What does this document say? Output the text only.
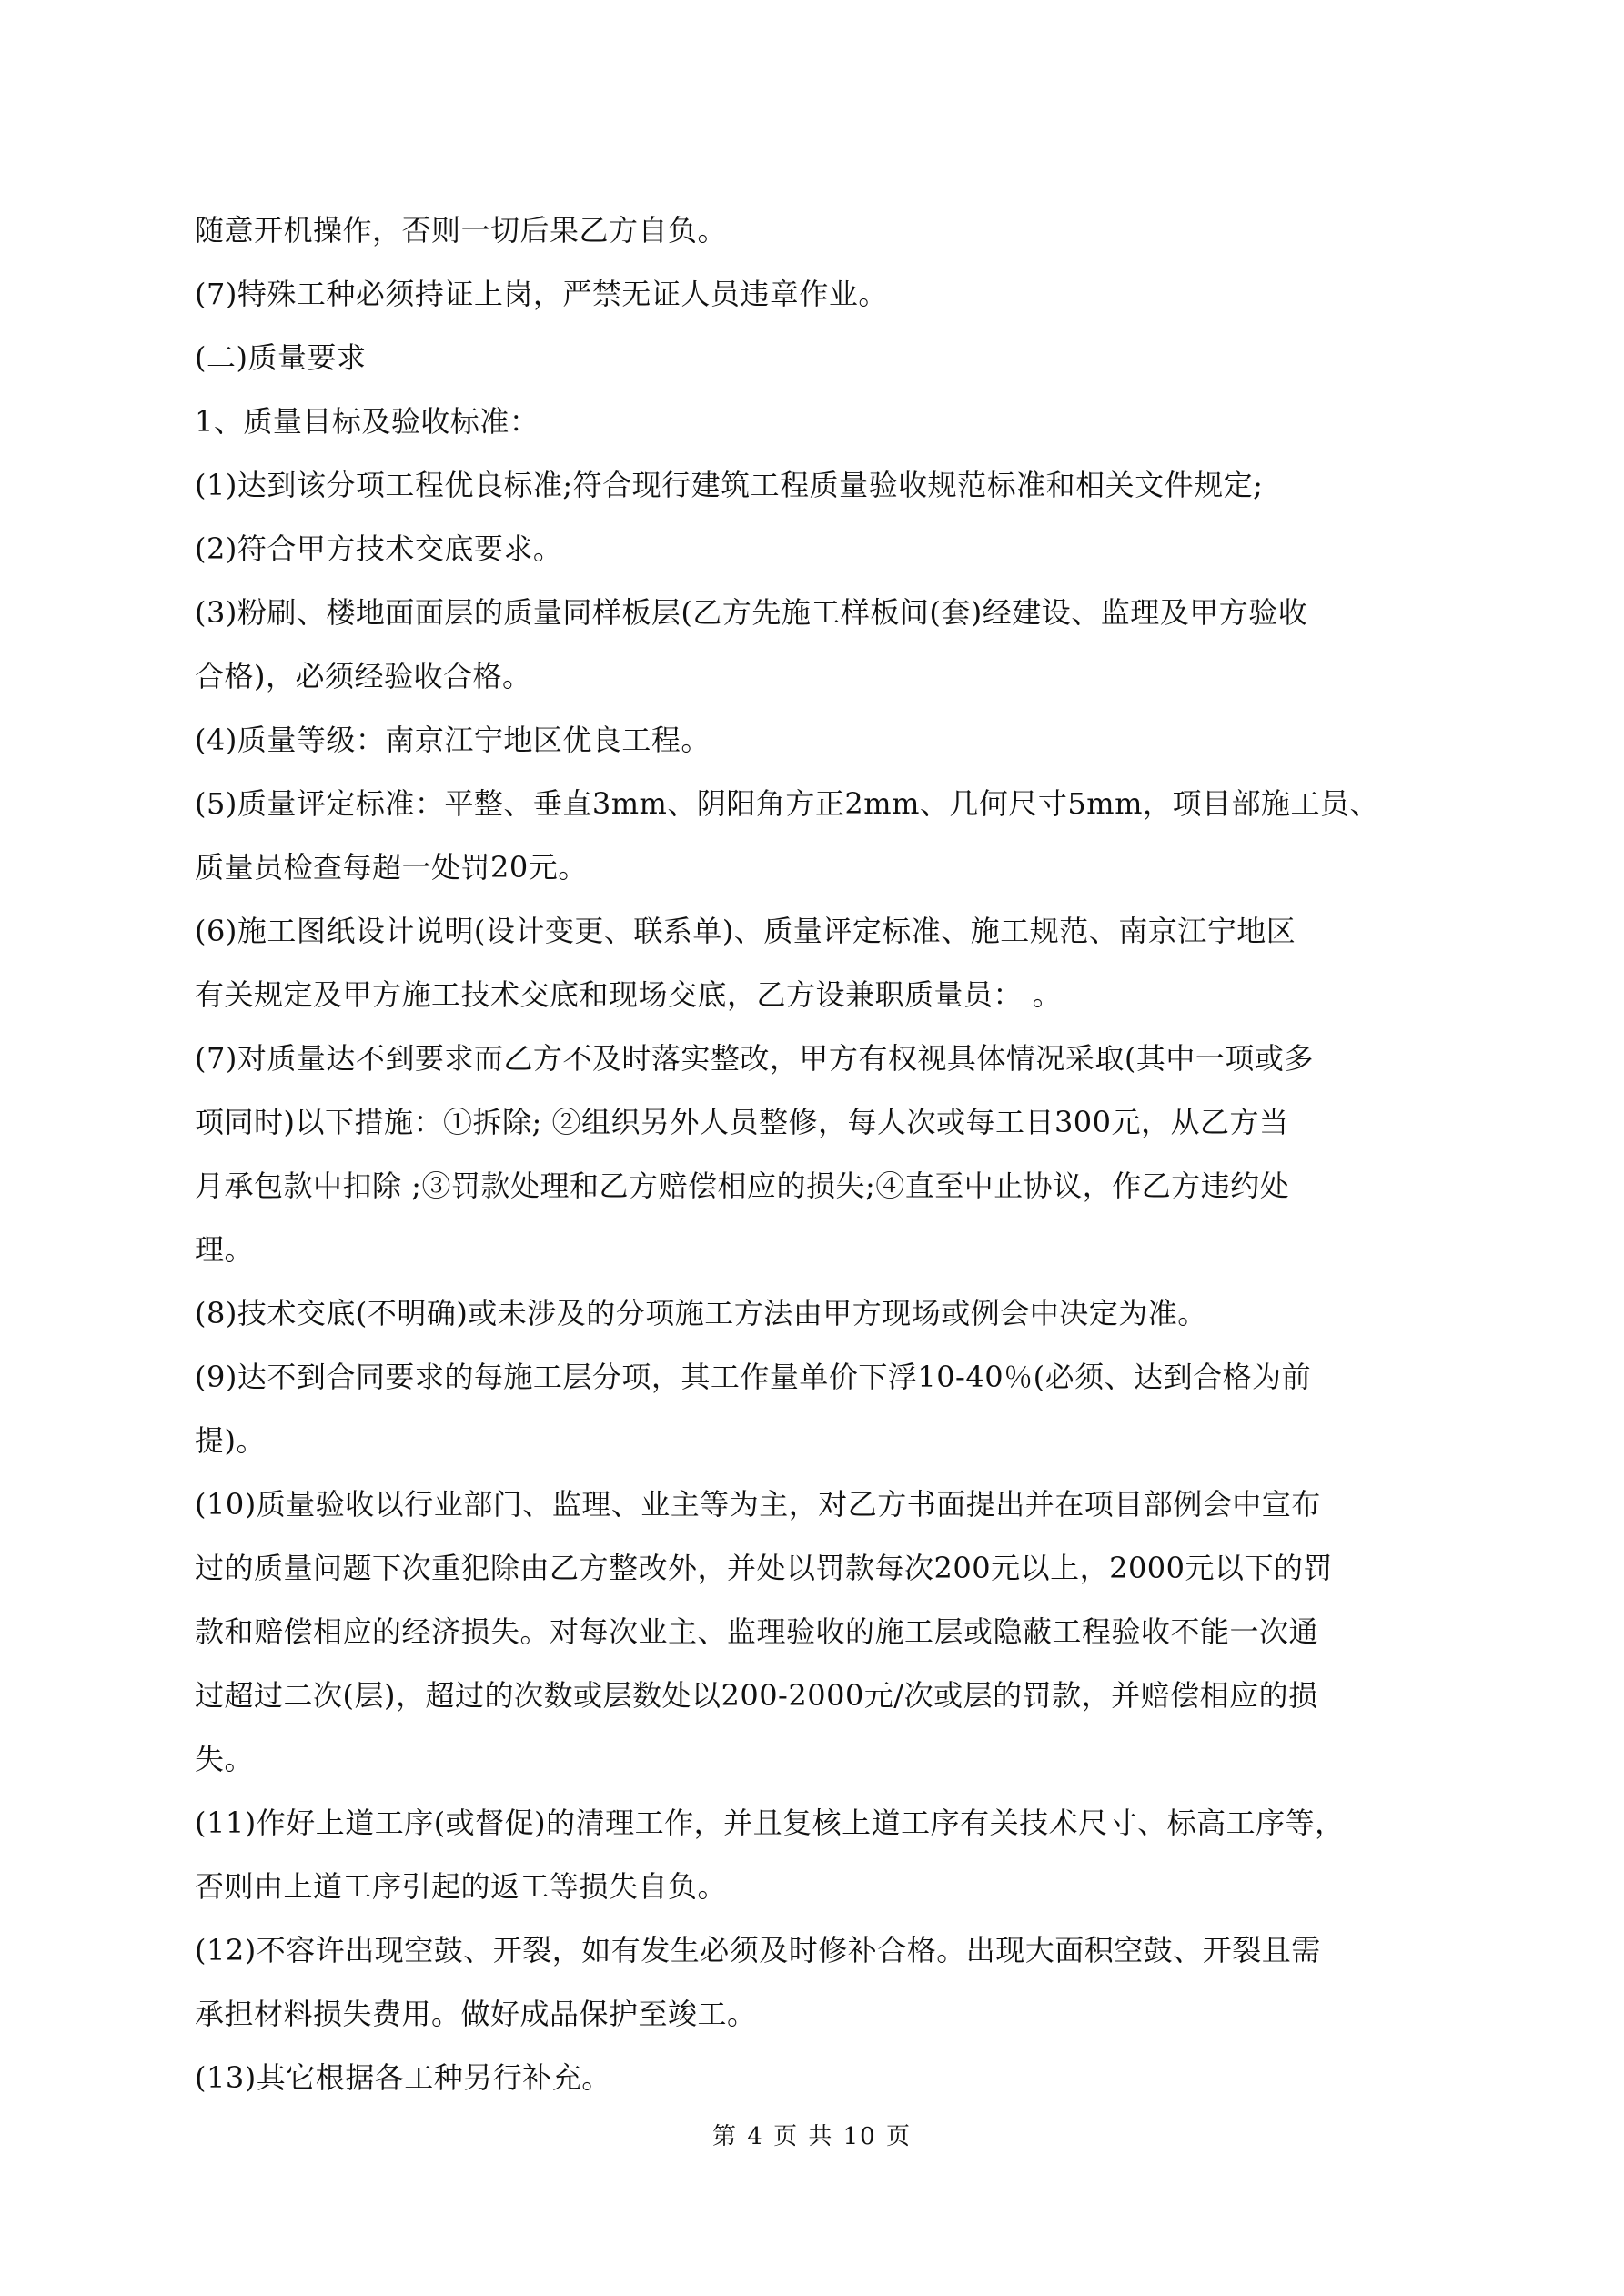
随意开机操作，否则一切后果乙方自负。

(7)特殊工种必须持证上岗，严禁无证人员违章作业。

(二)质量要求

1、质量目标及验收标准：

(1)达到该分项工程优良标准;符合现行建筑工程质量验收规范标准和相关文件规定;

(2)符合甲方技术交底要求。

(3)粉刷、楼地面面层的质量同样板层(乙方先施工样板间(套)经建设、监理及甲方验收

合格)，必须经验收合格。

(4)质量等级：南京江宁地区优良工程。

(5)质量评定标准：平整、垂直3mm、阴阳角方正2mm、几何尺寸5mm，项目部施工员、

质量员检查每超一处罚20元。

(6)施工图纸设计说明(设计变更、联系单)、质量评定标准、施工规范、南京江宁地区

有关规定及甲方施工技术交底和现场交底，乙方设兼职质量员： 。

(7)对质量达不到要求而乙方不及时落实整改，甲方有权视具体情况采取(其中一项或多

项同时)以下措施：①拆除; ②组织另外人员整修，每人次或每工日300元，从乙方当

月承包款中扣除 ;③罚款处理和乙方赔偿相应的损失;④直至中止协议，作乙方违约处

理。

(8)技术交底(不明确)或未涉及的分项施工方法由甲方现场或例会中决定为准。

(9)达不到合同要求的每施工层分项，其工作量单价下浮10-40％(必须、达到合格为前

提)。

(10)质量验收以行业部门、监理、业主等为主，对乙方书面提出并在项目部例会中宣布

过的质量问题下次重犯除由乙方整改外，并处以罚款每次200元以上，2000元以下的罚

款和赔偿相应的经济损失。对每次业主、监理验收的施工层或隐蔽工程验收不能一次通

过超过二次(层)，超过的次数或层数处以200-2000元/次或层的罚款，并赔偿相应的损

失。

(11)作好上道工序(或督促)的清理工作，并且复核上道工序有关技术尺寸、标高工序等，

否则由上道工序引起的返工等损失自负。

(12)不容许出现空鼓、开裂，如有发生必须及时修补合格。出现大面积空鼓、开裂且需

承担材料损失费用。做好成品保护至竣工。

(13)其它根据各工种另行补充。

第 4 页 共 10 页
